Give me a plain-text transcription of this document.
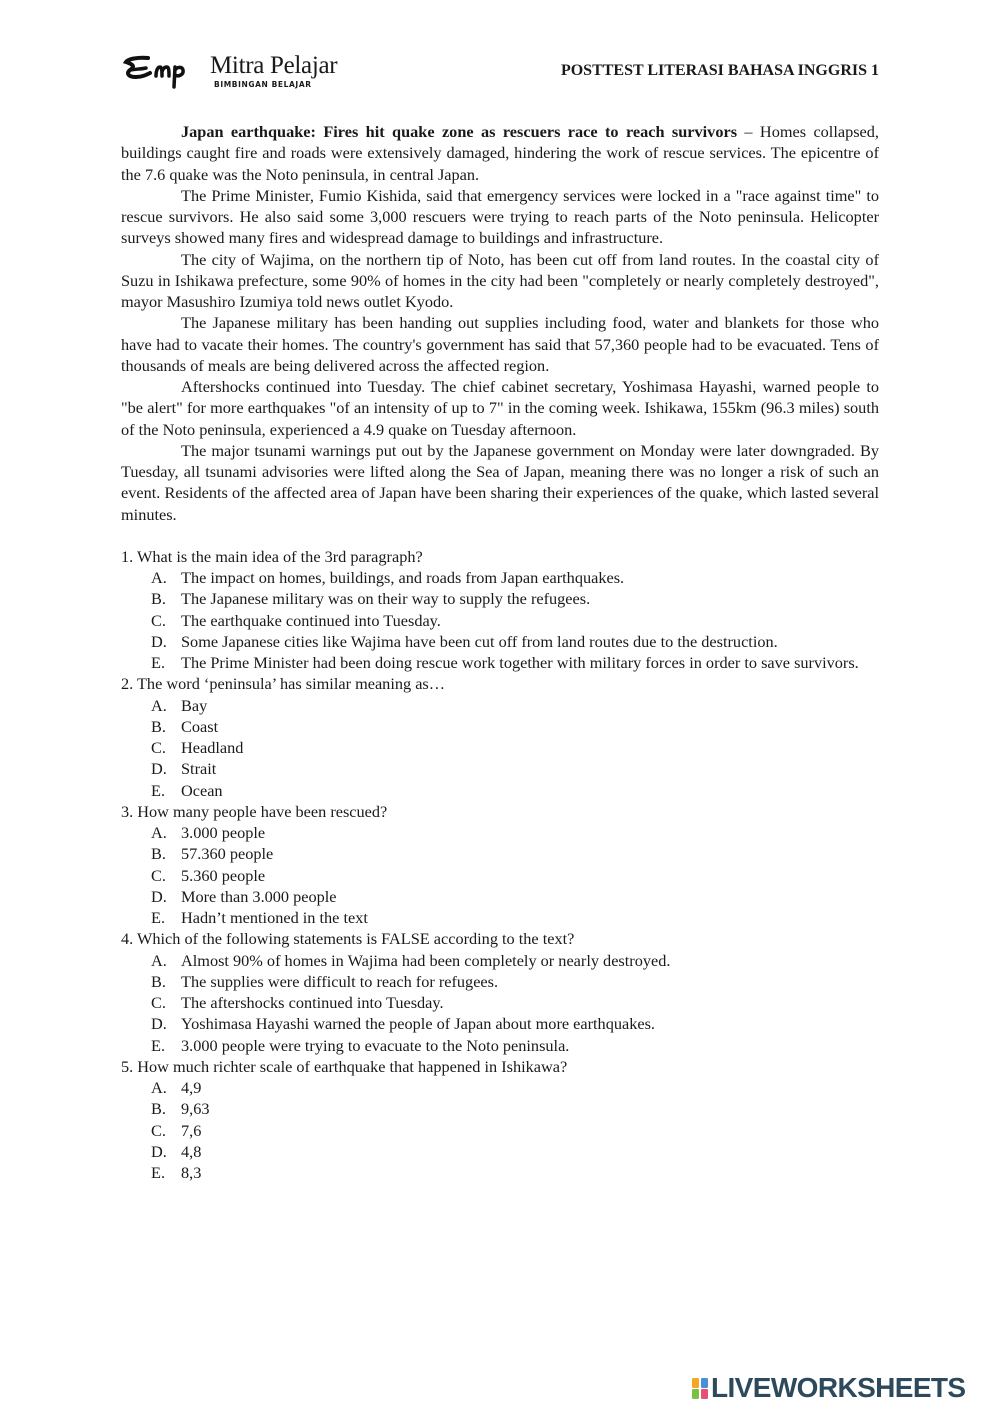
Mitra Pelajar
BIMBINGAN BELAJAR
POSTTEST LITERASI BAHASA INGGRIS 1

Japan earthquake: Fires hit quake zone as rescuers race to reach survivors – Homes collapsed, buildings caught fire and roads were extensively damaged, hindering the work of rescue services. The epicentre of the 7.6 quake was the Noto peninsula, in central Japan.

The Prime Minister, Fumio Kishida, said that emergency services were locked in a "race against time" to rescue survivors. He also said some 3,000 rescuers were trying to reach parts of the Noto peninsula. Helicopter surveys showed many fires and widespread damage to buildings and infrastructure.

The city of Wajima, on the northern tip of Noto, has been cut off from land routes. In the coastal city of Suzu in Ishikawa prefecture, some 90% of homes in the city had been "completely or nearly completely destroyed", mayor Masushiro Izumiya told news outlet Kyodo.

The Japanese military has been handing out supplies including food, water and blankets for those who have had to vacate their homes. The country's government has said that 57,360 people had to be evacuated. Tens of thousands of meals are being delivered across the affected region.

Aftershocks continued into Tuesday. The chief cabinet secretary, Yoshimasa Hayashi, warned people to "be alert" for more earthquakes "of an intensity of up to 7" in the coming week. Ishikawa, 155km (96.3 miles) south of the Noto peninsula, experienced a 4.9 quake on Tuesday afternoon.

The major tsunami warnings put out by the Japanese government on Monday were later downgraded. By Tuesday, all tsunami advisories were lifted along the Sea of Japan, meaning there was no longer a risk of such an event. Residents of the affected area of Japan have been sharing their experiences of the quake, which lasted several minutes.

1. What is the main idea of the 3rd paragraph?

A. The impact on homes, buildings, and roads from Japan earthquakes.
B. The Japanese military was on their way to supply the refugees.
C. The earthquake continued into Tuesday.
D. Some Japanese cities like Wajima have been cut off from land routes due to the destruction.
E. The Prime Minister had been doing rescue work together with military forces in order to save survivors.

2. The word ‘peninsula’ has similar meaning as…

A. Bay
B. Coast
C. Headland
D. Strait
E. Ocean

3. How many people have been rescued?

A. 3.000 people
B. 57.360 people
C. 5.360 people
D. More than 3.000 people
E. Hadn’t mentioned in the text

4. Which of the following statements is FALSE according to the text?

A. Almost 90% of homes in Wajima had been completely or nearly destroyed.
B. The supplies were difficult to reach for refugees.
C. The aftershocks continued into Tuesday.
D. Yoshimasa Hayashi warned the people of Japan about more earthquakes.
E. 3.000 people were trying to evacuate to the Noto peninsula.

5. How much richter scale of earthquake that happened in Ishikawa?

A. 4,9
B. 9,63
C. 7,6
D. 4,8
E. 8,3
LIVEWORKSHEETS
